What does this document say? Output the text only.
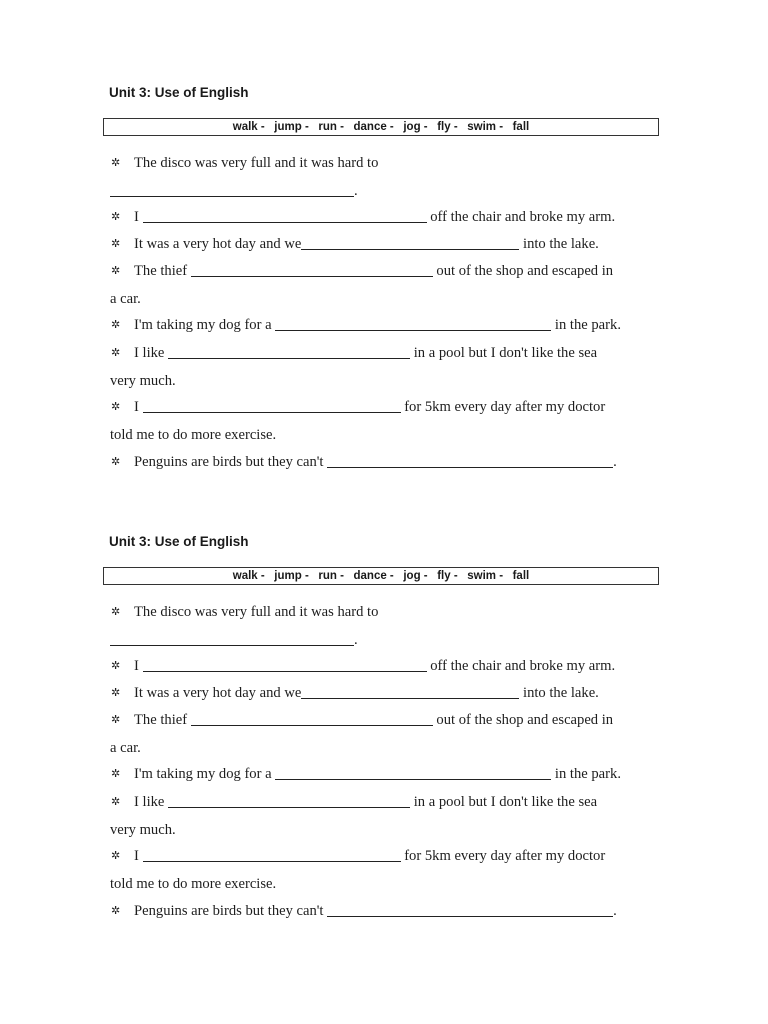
Unit 3: Use of English
walk -   jump -   run -   dance -   jog -   fly -   swim -   fall
✲ The disco was very full and it was hard to
.
✲ I	off the chair and broke my arm.
✲ It was a very hot day and we	into the lake.
✲ The thief	out of the shop and escaped in
a car.
✲ I'm taking my dog for a	in the park.
✲ I like	in a pool but I don't like the sea
very much.
✲ I	for 5km every day after my doctor
told me to do more exercise.
✲ Penguins are birds but they can't	.
Unit 3: Use of English
walk -   jump -   run -   dance -   jog -   fly -   swim -   fall
✲ The disco was very full and it was hard to
.
✲ I	off the chair and broke my arm.
✲ It was a very hot day and we	into the lake.
✲ The thief	out of the shop and escaped in
a car.
✲ I'm taking my dog for a	in the park.
✲ I like	in a pool but I don't like the sea
very much.
✲ I	for 5km every day after my doctor
told me to do more exercise.
✲ Penguins are birds but they can't	.
